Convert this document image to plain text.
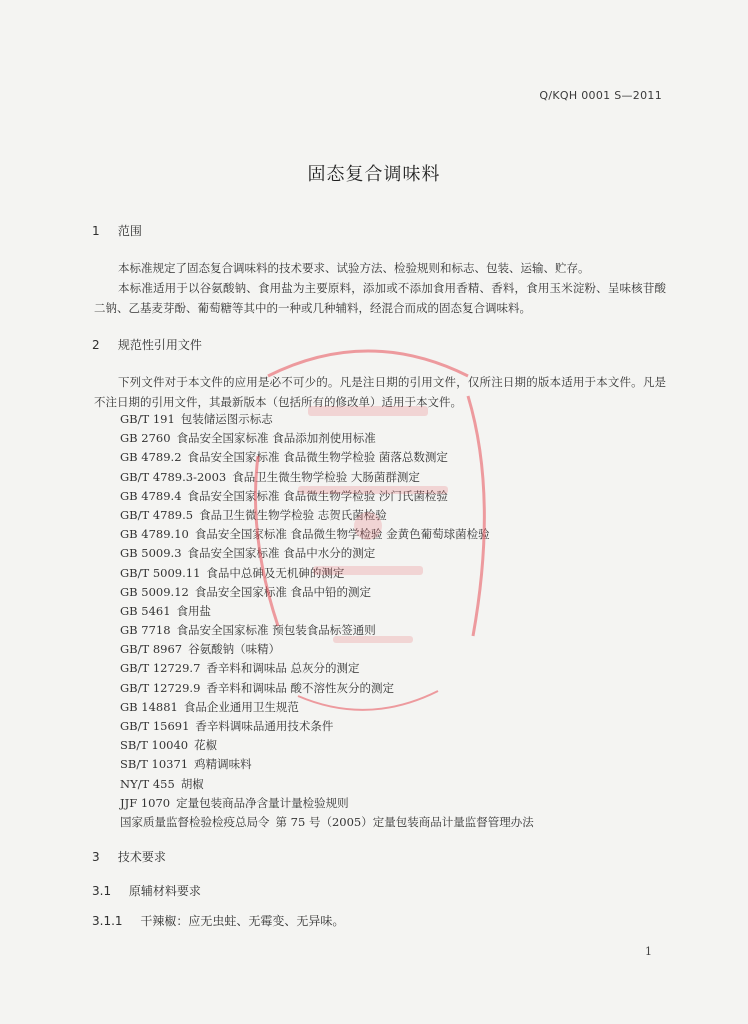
Q/KQH 0001 S—2011
固态复合调味料
1 范围
本标准规定了固态复合调味料的技术要求、试验方法、检验规则和标志、包装、运输、贮存。
本标准适用于以谷氨酸钠、食用盐为主要原料，添加或不添加食用香精、香料，食用玉米淀粉、呈味核苷酸二钠、乙基麦芽酚、葡萄糖等其中的一种或几种辅料，经混合而成的固态复合调味料。
2 规范性引用文件
下列文件对于本文件的应用是必不可少的。凡是注日期的引用文件，仅所注日期的版本适用于本文件。凡是不注日期的引用文件，其最新版本（包括所有的修改单）适用于本文件。
GB/T 191 包装储运图示标志
GB 2760 食品安全国家标准 食品添加剂使用标准
GB 4789.2 食品安全国家标准 食品微生物学检验 菌落总数测定
GB/T 4789.3-2003 食品卫生微生物学检验 大肠菌群测定
GB 4789.4 食品安全国家标准 食品微生物学检验 沙门氏菌检验
GB/T 4789.5 食品卫生微生物学检验 志贺氏菌检验
GB 4789.10 食品安全国家标准 食品微生物学检验 金黄色葡萄球菌检验
GB 5009.3 食品安全国家标准 食品中水分的测定
GB/T 5009.11 食品中总砷及无机砷的测定
GB 5009.12 食品安全国家标准 食品中铅的测定
GB 5461 食用盐
GB 7718 食品安全国家标准 预包装食品标签通则
GB/T 8967 谷氨酸钠（味精）
GB/T 12729.7 香辛料和调味品 总灰分的测定
GB/T 12729.9 香辛料和调味品 酸不溶性灰分的测定
GB 14881 食品企业通用卫生规范
GB/T 15691 香辛料调味品通用技术条件
SB/T 10040 花椒
SB/T 10371 鸡精调味料
NY/T 455 胡椒
JJF 1070 定量包装商品净含量计量检验规则
国家质量监督检验检疫总局令 第 75 号（2005）定量包装商品计量监督管理办法
3 技术要求
3.1 原辅材料要求
3.1.1 干辣椒：应无虫蛀、无霉变、无异味。
1
